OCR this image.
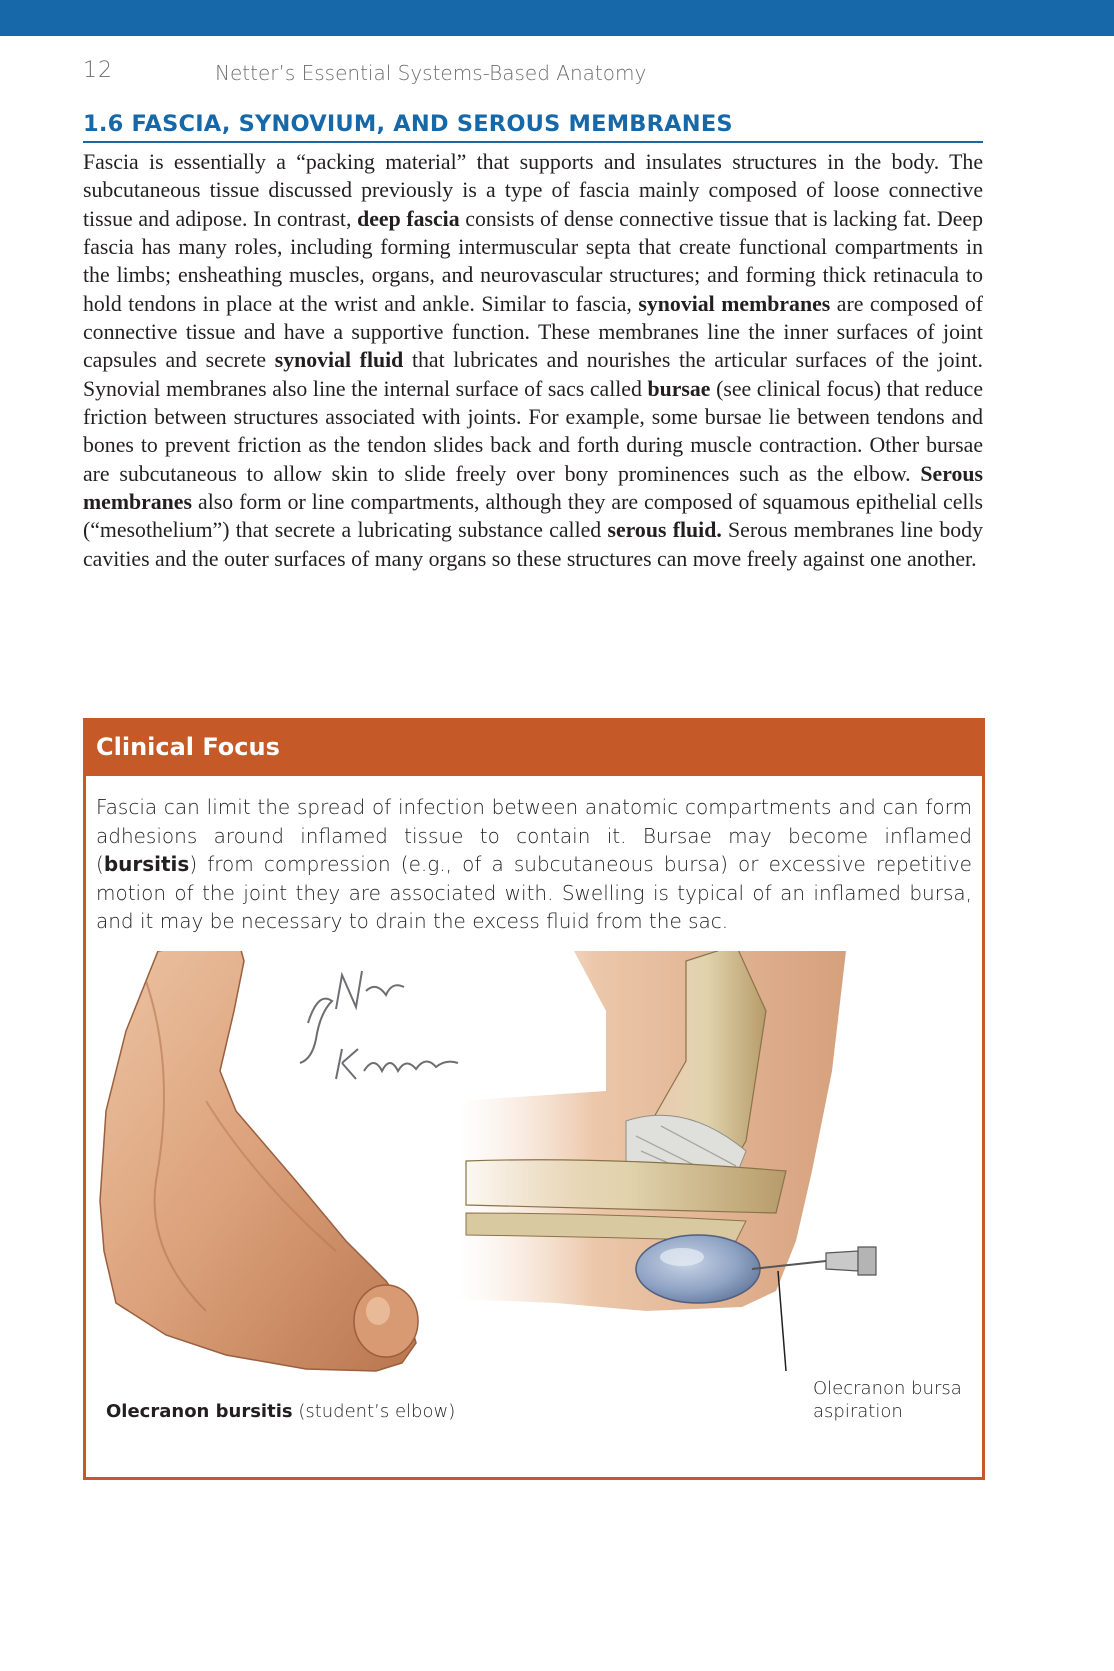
12	Netter’s Essential Systems-Based Anatomy
1.6 FASCIA, SYNOVIUM, AND SEROUS MEMBRANES

Fascia is essentially a “packing material” that supports and insulates structures in the body. The subcutaneous tissue discussed previously is a type of fascia mainly composed of loose connective tissue and adipose. In contrast, deep fascia consists of dense connective tissue that is lacking fat. Deep fascia has many roles, including forming intermuscular septa that create functional compartments in the limbs; ensheathing muscles, organs, and neurovascular structures; and forming thick retinacula to hold tendons in place at the wrist and ankle. Similar to fascia, synovial membranes are composed of connective tissue and have a supportive function. These membranes line the inner surfaces of joint capsules and secrete synovial fluid that lubricates and nourishes the articular surfaces of the joint. Synovial membranes also line the internal surface of sacs called bursae (see clinical focus) that reduce friction between structures associated with joints. For example, some bursae lie between tendons and bones to prevent friction as the tendon slides back and forth during muscle contraction. Other bursae are subcutaneous to allow skin to slide freely over bony prominences such as the elbow. Serous membranes also form or line compartments, although they are composed of squamous epithelial cells (“mesothelium”) that secrete a lubricating substance called serous fluid. Serous membranes line body cavities and the outer surfaces of many organs so these structures can move freely against one another.

Clinical Focus

Fascia can limit the spread of infection between anatomic compartments and can form adhesions around inflamed tissue to contain it. Bursae may become inflamed (bursitis) from compression (e.g., of a subcutaneous bursa) or excessive repetitive motion of the joint they are associated with. Swelling is typical of an inflamed bursa, and it may be necessary to drain the excess fluid from the sac.

Olecranon bursitis (student’s elbow)
Olecranon bursa
aspiration
